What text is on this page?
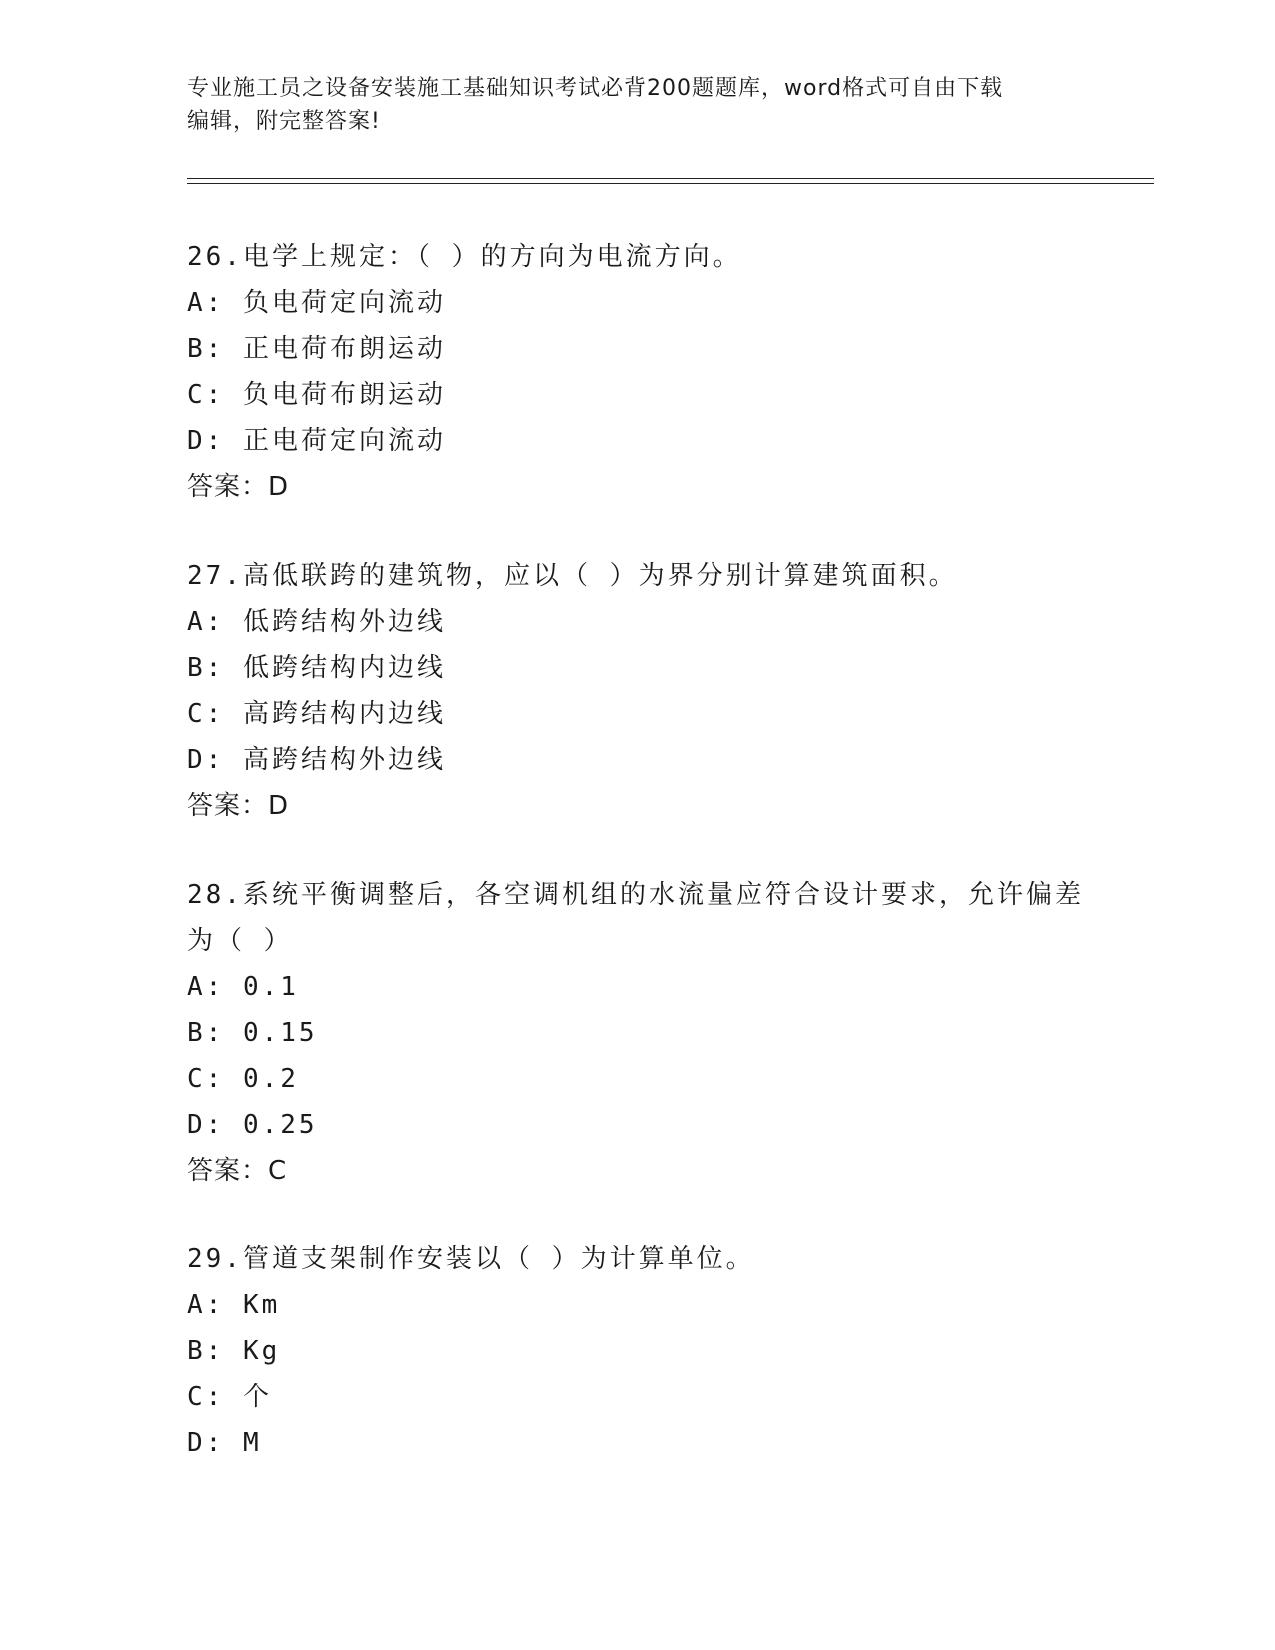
专业施工员之设备安装施工基础知识考试必背200题题库，word格式可自由下载
编辑，附完整答案!
26.电学上规定：（ ）的方向为电流方向。
A: 负电荷定向流动
B: 正电荷布朗运动
C: 负电荷布朗运动
D: 正电荷定向流动
答案：D
27.高低联跨的建筑物，应以（ ）为界分别计算建筑面积。
A: 低跨结构外边线
B: 低跨结构内边线
C: 高跨结构内边线
D: 高跨结构外边线
答案：D
28.系统平衡调整后，各空调机组的水流量应符合设计要求，允许偏差
为（ ）
A: 0.1
B: 0.15
C: 0.2
D: 0.25
答案：C
29.管道支架制作安装以（ ）为计算单位。
A: Km
B: Kg
C: 个
D: M
